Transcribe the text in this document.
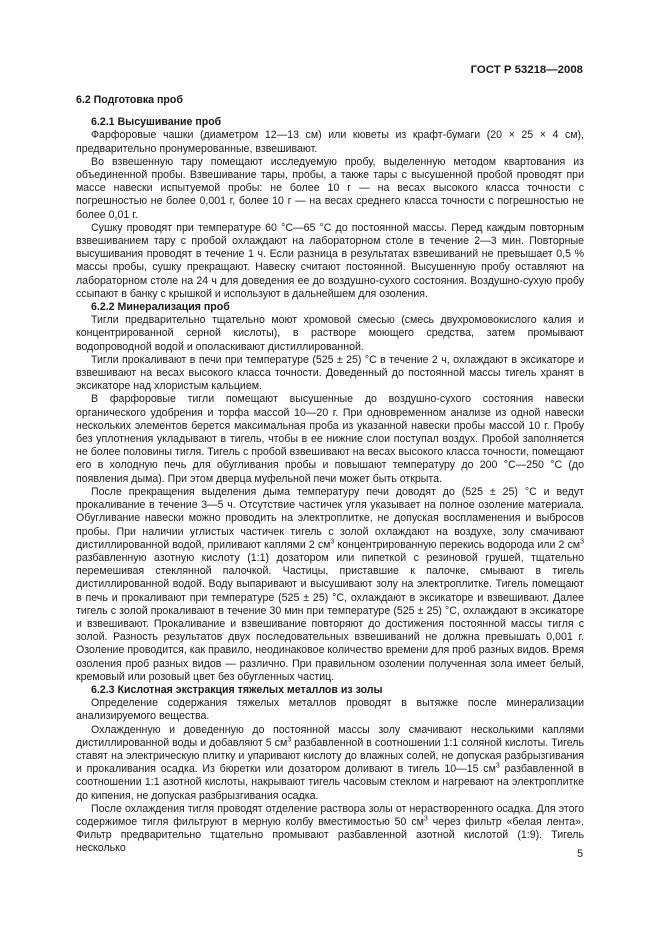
ГОСТ Р 53218—2008

6.2 Подготовка проб

6.2.1 Высушивание проб

Фарфоровые чашки (диаметром 12—13 см) или кюветы из крафт-бумаги (20 × 25 × 4 см), предварительно пронумерованные, взвешивают.

Во взвешенную тару помещают исследуемую пробу, выделенную методом квартования из объединенной пробы. Взвешивание тары, пробы, а также тары с высушенной пробой проводят при массе навески испытуемой пробы: не более 10 г — на весах высокого класса точности с погрешностью не более 0,001 г, более 10 г — на весах среднего класса точности с погрешностью не более 0,01 г.

Сушку проводят при температуре 60 °С—65 °С до постоянной массы. Перед каждым повторным взвешиванием тару с пробой охлаждают на лабораторном столе в течение 2—3 мин. Повторные высушивания проводят в течение 1 ч. Если разница в результатах взвешиваний не превышает 0,5 % массы пробы, сушку прекращают. Навеску считают постоянной. Высушенную пробу оставляют на лабораторном столе на 24 ч для доведения ее до воздушно-сухого состояния. Воздушно-сухую пробу ссыпают в банку с крышкой и используют в дальнейшем для озоления.

6.2.2 Минерализация проб

Тигли предварительно тщательно моют хромовой смесью (смесь двухромовокислого калия и концентрированной серной кислоты), в растворе моющего средства, затем промывают водопроводной водой и ополаскивают дистиллированной.

Тигли прокаливают в печи при температуре (525 ± 25) °С в течение 2 ч, охлаждают в эксикаторе и взвешивают на весах высокого класса точности. Доведенный до постоянной массы тигель хранят в эксикаторе над хлористым кальцием.

В фарфоровые тигли помещают высушенные до воздушно-сухого состояния навески органического удобрения и торфа массой 10—20 г. При одновременном анализе из одной навески нескольких элементов берется максимальная проба из указанной навески пробы массой 10 г. Пробу без уплотнения укладывают в тигель, чтобы в ее нижние слои поступал воздух. Пробой заполняется не более половины тигля. Тигель с пробой взвешивают на весах высокого класса точности, помещают его в холодную печь для обугливания пробы и повышают температуру до 200 °С—250 °С (до появления дыма). При этом дверца муфельной печи может быть открыта.

После прекращения выделения дыма температуру печи доводят до (525 ± 25) °С и ведут прокаливание в течение 3—5 ч. Отсутствие частичек угля указывает на полное озоление материала. Обугливание навески можно проводить на электроплитке, не допуская воспламенения и выбросов пробы. При наличии углистых частичек тигель с золой охлаждают на воздухе, золу смачивают дистиллированной водой, приливают каплями 2 $см^3$ концентрированную перекись водорода или 2 $см^3$ разбавленную азотную кислоту (1:1) дозатором или пипеткой с резиновой грушей, тщательно перемешивая стеклянной палочкой. Частицы, приставшие к палочке, смывают в тигель дистиллированной водой. Воду выпаривают и высушивают золу на электроплитке. Тигель помещают в печь и прокаливают при температуре (525 ± 25) °С, охлаждают в эксикаторе и взвешивают. Далее тигель с золой прокаливают в течение 30 мин при температуре (525 ± 25) °С, охлаждают в эксикаторе и взвешивают. Прокаливание и взвешивание повторяют до достижения постоянной массы тигля с золой. Разность результатов двух последовательных взвешиваний не должна превышать 0,001 г. Озоление проводится, как правило, неодинаковое количество времени для проб разных видов. Время озоления проб разных видов — различно. При правильном озолении полученная зола имеет белый, кремовый или розовый цвет без обугленных частиц.

6.2.3 Кислотная экстракция тяжелых металлов из золы

Определение содержания тяжелых металлов проводят в вытяжке после минерализации анализируемого вещества.

Охлажденную и доведенную до постоянной массы золу смачивают несколькими каплями дистиллированной воды и добавляют 5 $см^3$ разбавленной в соотношении 1:1 соляной кислоты. Тигель ставят на электрическую плитку и упаривают кислоту до влажных солей, не допуская разбрызгивания и прокаливания осадка. Из бюретки или дозатором доливают в тигель 10—15 $см^3$ разбавленной в соотношении 1:1 азотной кислоты, накрывают тигель часовым стеклом и нагревают на электроплитке до кипения, не допуская разбрызгивания осадка.

После охлаждения тигля проводят отделение раствора золы от нерастворенного осадка. Для этого содержимое тигля фильтруют в мерную колбу вместимостью 50 $см^3$ через фильтр «белая лента». Фильтр предварительно тщательно промывают разбавленной азотной кислотой (1:9). Тигель несколько	5
